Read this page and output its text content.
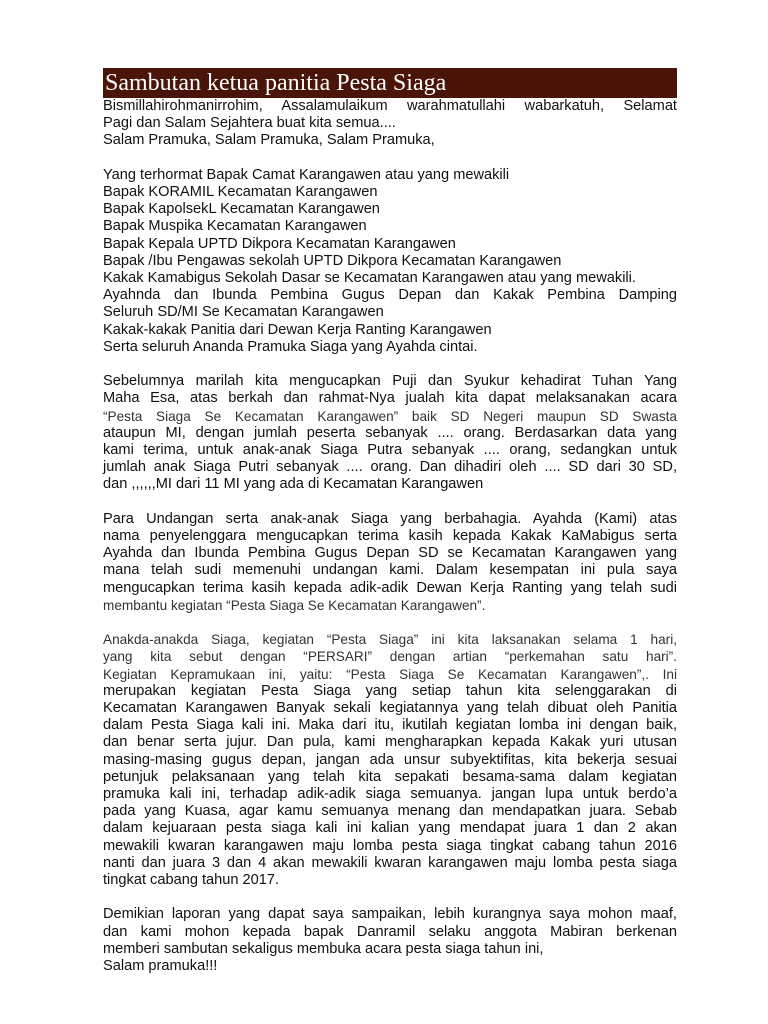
Sambutan ketua panitia Pesta Siaga
Bismillahirohmanirrohim, Assalamulaikum warahmatullahi wabarkatuh, Selamat
Pagi dan Salam Sejahtera buat kita semua....
Salam Pramuka, Salam Pramuka, Salam Pramuka,
Yang terhormat Bapak Camat Karangawen atau yang mewakili
Bapak KORAMIL Kecamatan Karangawen
Bapak KapolsekL Kecamatan Karangawen
Bapak Muspika Kecamatan Karangawen
Bapak Kepala UPTD Dikpora Kecamatan Karangawen
Bapak /Ibu Pengawas sekolah UPTD Dikpora Kecamatan Karangawen
Kakak Kamabigus Sekolah Dasar se Kecamatan Karangawen atau yang mewakili.
Ayahnda dan Ibunda Pembina Gugus Depan dan Kakak Pembina Damping
Seluruh SD/MI Se Kecamatan Karangawen
Kakak-kakak Panitia dari Dewan Kerja Ranting Karangawen
Serta seluruh Ananda Pramuka Siaga yang Ayahda cintai.
Sebelumnya marilah kita mengucapkan Puji dan Syukur kehadirat Tuhan Yang
Maha Esa, atas berkah dan rahmat-Nya jualah kita dapat melaksanakan acara
“Pesta Siaga Se Kecamatan Karangawen” baik SD Negeri maupun SD Swasta
ataupun MI, dengan jumlah peserta sebanyak .... orang. Berdasarkan data yang
kami terima, untuk anak-anak Siaga Putra sebanyak .... orang, sedangkan untuk
jumlah anak Siaga Putri sebanyak .... orang. Dan dihadiri oleh .... SD dari 30 SD,
dan ,,,,,,MI dari 11 MI yang ada di Kecamatan Karangawen
Para Undangan serta anak-anak Siaga yang berbahagia. Ayahda (Kami) atas
nama penyelenggara mengucapkan terima kasih kepada Kakak KaMabigus serta
Ayahda dan Ibunda Pembina Gugus Depan SD se Kecamatan Karangawen yang
mana telah sudi memenuhi undangan kami. Dalam kesempatan ini pula saya
mengucapkan terima kasih kepada adik-adik Dewan Kerja Ranting yang telah sudi
membantu kegiatan “Pesta Siaga Se Kecamatan Karangawen”.
Anakda-anakda Siaga, kegiatan “Pesta Siaga” ini kita laksanakan selama 1 hari,
yang kita sebut dengan “PERSARI” dengan artian “perkemahan satu hari”.
Kegiatan Kepramukaan ini, yaitu: “Pesta Siaga Se Kecamatan Karangawen”,. Ini
merupakan kegiatan Pesta Siaga yang setiap tahun kita selenggarakan di
Kecamatan Karangawen Banyak sekali kegiatannya yang telah dibuat oleh Panitia
dalam Pesta Siaga kali ini. Maka dari itu, ikutilah kegiatan lomba ini dengan baik,
dan benar serta jujur. Dan pula, kami mengharapkan kepada Kakak yuri utusan
masing-masing gugus depan, jangan ada unsur subyektifitas, kita bekerja sesuai
petunjuk pelaksanaan yang telah kita sepakati besama-sama dalam kegiatan
pramuka kali ini, terhadap adik-adik siaga semuanya. jangan lupa untuk berdo’a
pada yang Kuasa, agar kamu semuanya menang dan mendapatkan juara. Sebab
dalam kejuaraan pesta siaga kali ini kalian yang mendapat juara 1 dan 2 akan
mewakili kwaran karangawen maju lomba pesta siaga tingkat cabang tahun 2016
nanti dan juara 3 dan 4 akan mewakili kwaran karangawen maju lomba pesta siaga
tingkat cabang tahun 2017.
Demikian laporan yang dapat saya sampaikan, lebih kurangnya saya mohon maaf,
dan kami mohon kepada bapak Danramil selaku anggota Mabiran berkenan
memberi sambutan sekaligus membuka acara pesta siaga tahun ini,
Salam pramuka!!!
